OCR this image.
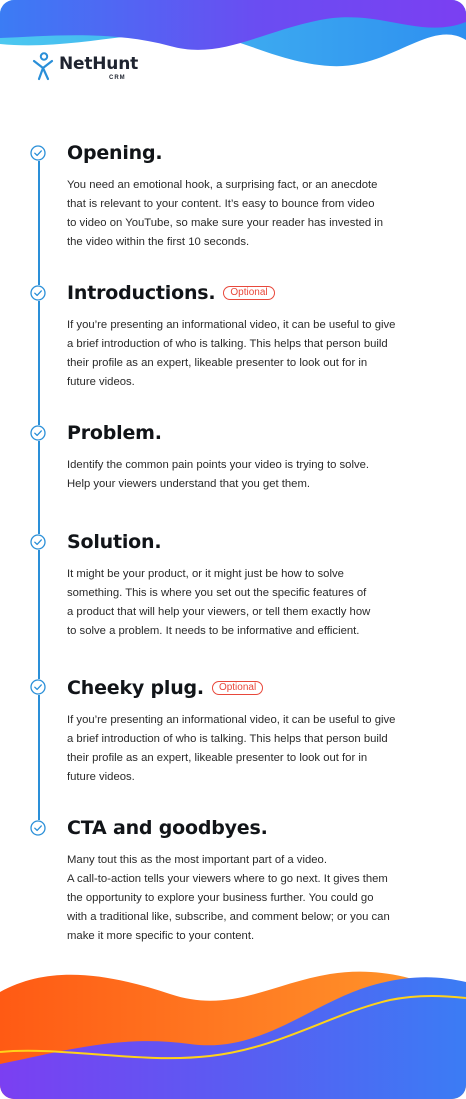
NetHunt
CRM
Opening.

You need an emotional hook, a surprising fact, or an anecdote
that is relevant to your content. It’s easy to bounce from video
to video on YouTube, so make sure your reader has invested in
the video within the first 10 seconds.

Introductions.	Optional

If you’re presenting an informational video, it can be useful to give
a brief introduction of who is talking. This helps that person build
their profile as an expert, likeable presenter to look out for in
future videos.

Problem.

Identify the common pain points your video is trying to solve.
Help your viewers understand that you get them.

Solution.

It might be your product, or it might just be how to solve
something. This is where you set out the specific features of
a product that will help your viewers, or tell them exactly how
to solve a problem. It needs to be informative and efficient.

Cheeky plug.	Optional

If you’re presenting an informational video, it can be useful to give
a brief introduction of who is talking. This helps that person build
their profile as an expert, likeable presenter to look out for in
future videos.

CTA and goodbyes.

Many tout this as the most important part of a video.
A call-to-action tells your viewers where to go next. It gives them
the opportunity to explore your business further. You could go
with a traditional like, subscribe, and comment below; or you can
make it more specific to your content.
